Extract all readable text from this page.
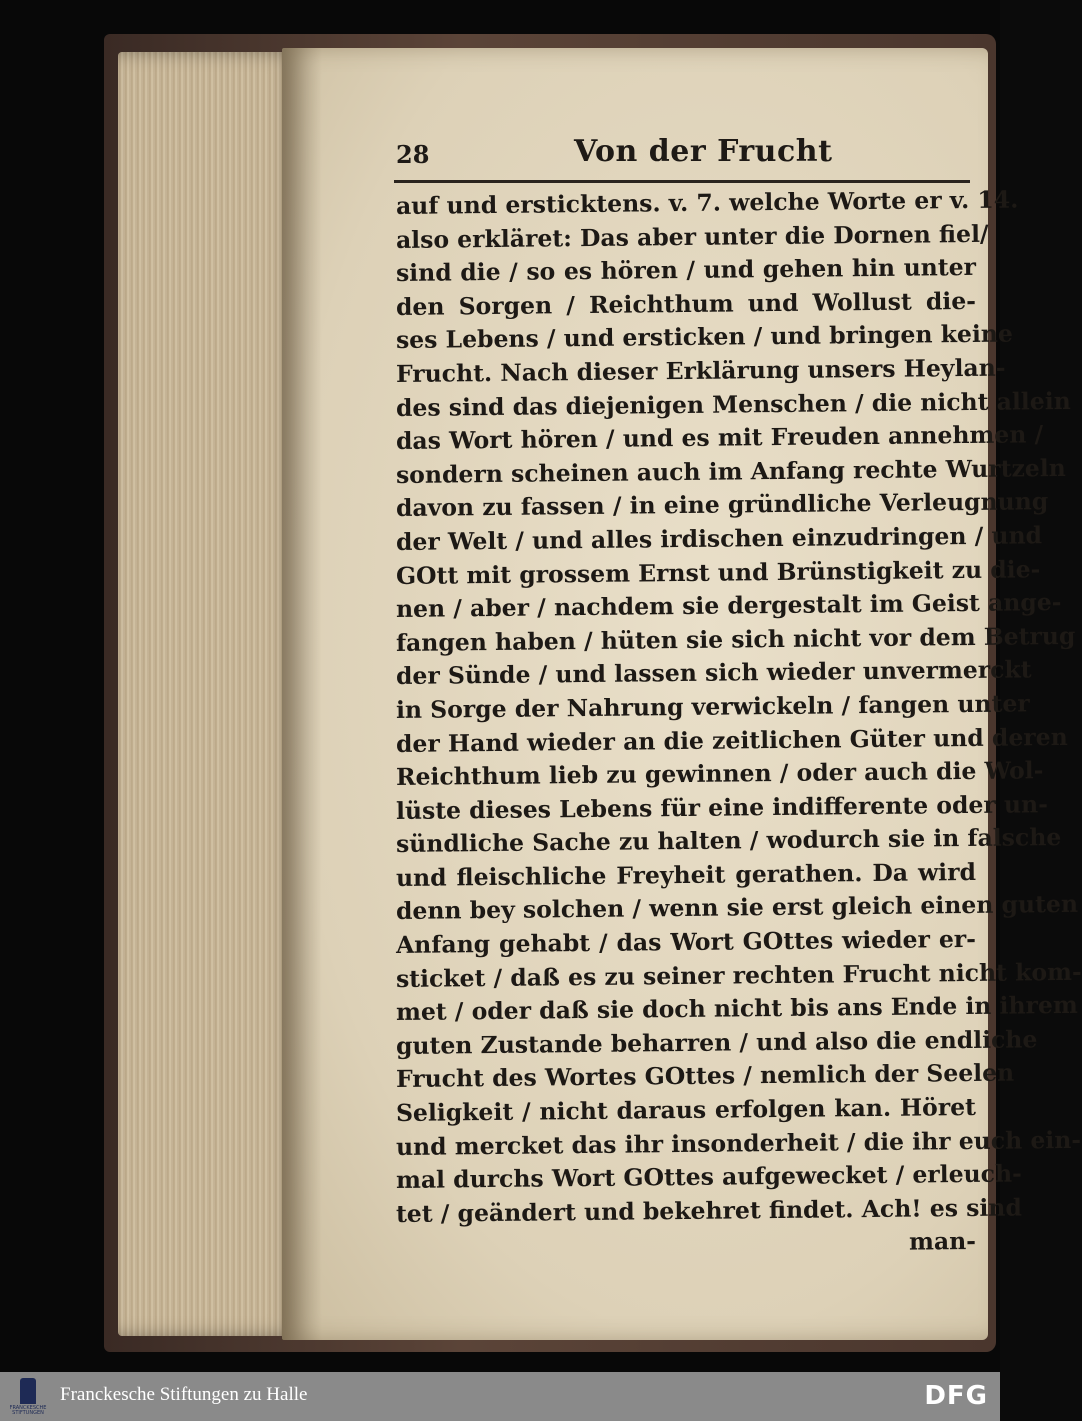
28	Von der Frucht
auf und ersticktens. v. 7. welche Worte er v. 14.
also erkläret: Das aber unter die Dornen fiel/
sind die / so es hören / und gehen hin unter
den Sorgen / Reichthum und Wollust die-
ses Lebens / und ersticken / und bringen keine
Frucht. Nach dieser Erklärung unsers Heylan-
des sind das diejenigen Menschen / die nicht allein
das Wort hören / und es mit Freuden annehmen /
sondern scheinen auch im Anfang rechte Wurtzeln
davon zu fassen / in eine gründliche Verleugnung
der Welt / und alles irdischen einzudringen / und
GOtt mit grossem Ernst und Brünstigkeit zu die-
nen / aber / nachdem sie dergestalt im Geist ange-
fangen haben / hüten sie sich nicht vor dem Betrug
der Sünde / und lassen sich wieder unvermerckt
in Sorge der Nahrung verwickeln / fangen unter
der Hand wieder an die zeitlichen Güter und deren
Reichthum lieb zu gewinnen / oder auch die Wol-
lüste dieses Lebens für eine indifferente oder un-
sündliche Sache zu halten / wodurch sie in falsche
und fleischliche Freyheit gerathen. Da wird
denn bey solchen / wenn sie erst gleich einen guten
Anfang gehabt / das Wort GOttes wieder er-
sticket / daß es zu seiner rechten Frucht nicht kom-
met / oder daß sie doch nicht bis ans Ende in ihrem
guten Zustande beharren / und also die endliche
Frucht des Wortes GOttes / nemlich der Seelen
Seligkeit / nicht daraus erfolgen kan. Höret
und mercket das ihr insonderheit / die ihr euch ein-
mal durchs Wort GOttes aufgewecket / erleuch-
tet / geändert und bekehret findet. Ach! es sind
man-
FRANCKESCHE STIFTUNGEN
Franckesche Stiftungen zu Halle	DFG
